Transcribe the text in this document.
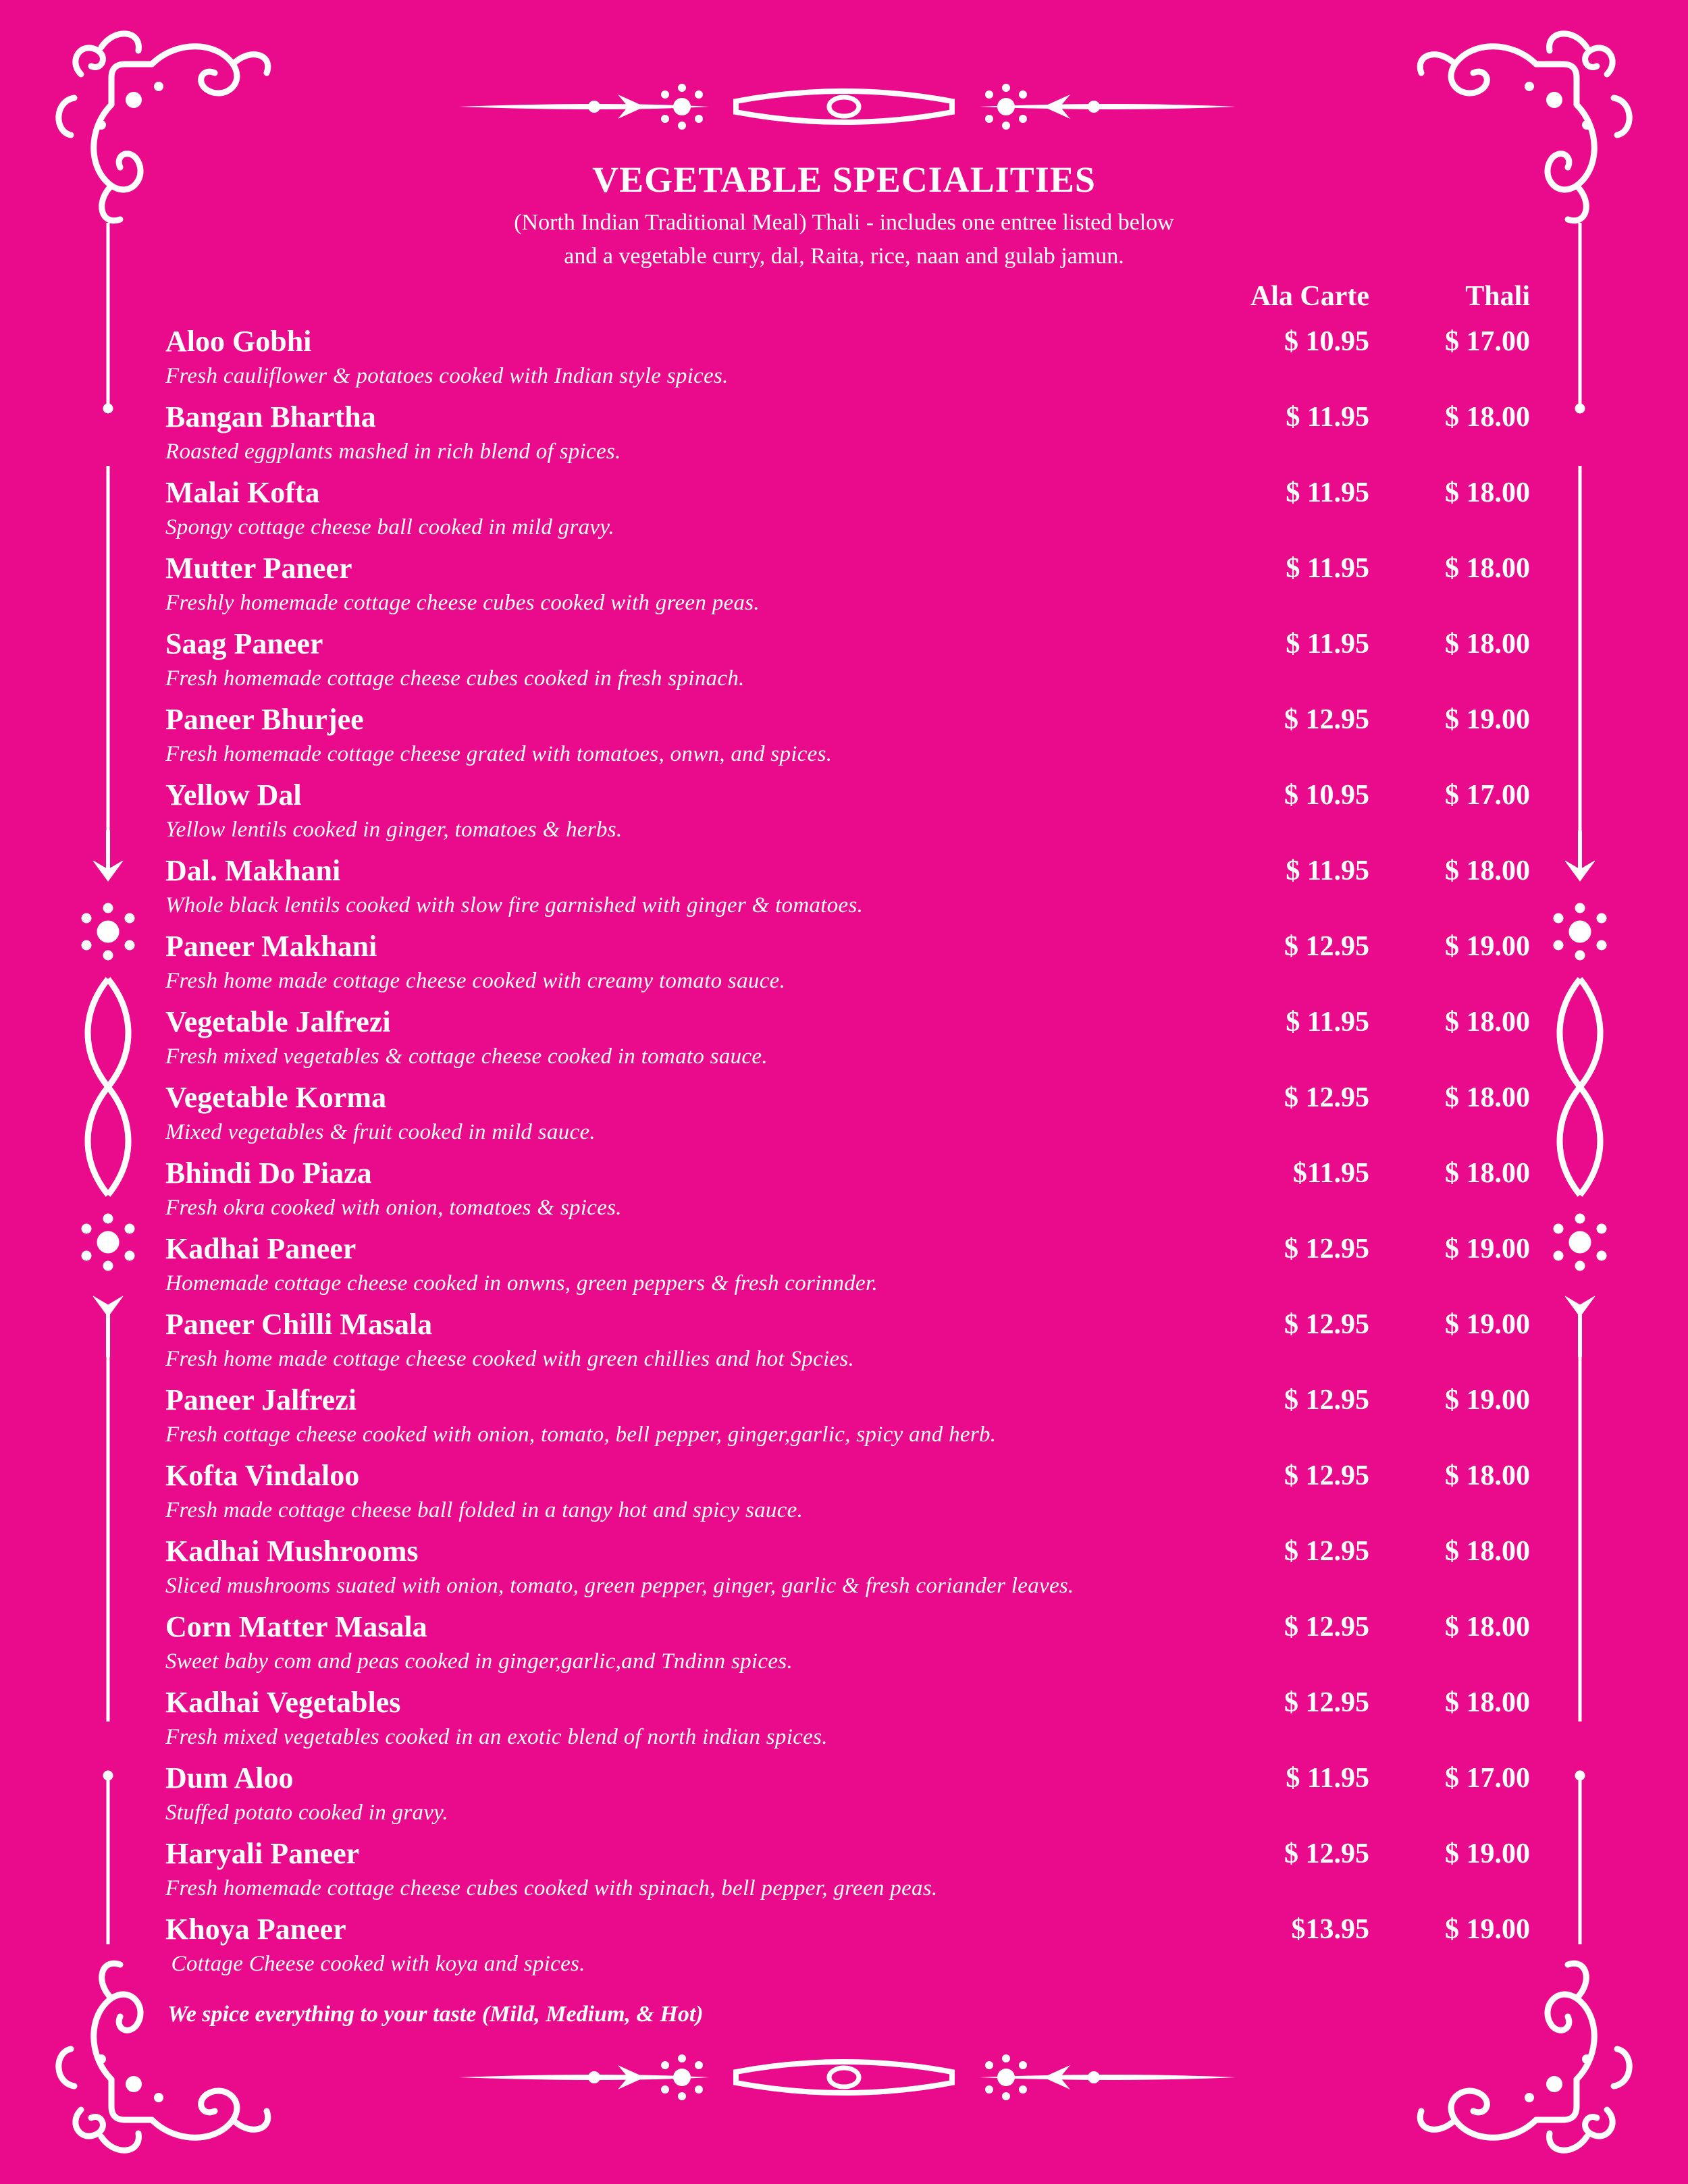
VEGETABLE SPECIALITIES
(North Indian Traditional Meal) Thali - includes one entree listed below
and a vegetable curry, dal, Raita, rice, naan and gulab jamun.
Ala Carte	Thali
Aloo Gobhi
Fresh cauliflower & potatoes cooked with Indian style spices.
$ 10.95	$ 17.00
Bangan Bhartha
Roasted eggplants mashed in rich blend of spices.
$ 11.95	$ 18.00
Malai Kofta
Spongy cottage cheese ball cooked in mild gravy.
$ 11.95	$ 18.00
Mutter Paneer
Freshly homemade cottage cheese cubes cooked with green peas.
$ 11.95	$ 18.00
Saag Paneer
Fresh homemade cottage cheese cubes cooked in fresh spinach.
$ 11.95	$ 18.00
Paneer Bhurjee
Fresh homemade cottage cheese grated with tomatoes, onwn, and spices.
$ 12.95	$ 19.00
Yellow Dal
Yellow lentils cooked in ginger, tomatoes & herbs.
$ 10.95	$ 17.00
Dal. Makhani
Whole black lentils cooked with slow fire garnished with ginger & tomatoes.
$ 11.95	$ 18.00
Paneer Makhani
Fresh home made cottage cheese cooked with creamy tomato sauce.
$ 12.95	$ 19.00
Vegetable Jalfrezi
Fresh mixed vegetables & cottage cheese cooked in tomato sauce.
$ 11.95	$ 18.00
Vegetable Korma
Mixed vegetables & fruit cooked in mild sauce.
$ 12.95	$ 18.00
Bhindi Do Piaza
Fresh okra cooked with onion, tomatoes & spices.
$11.95	$ 18.00
Kadhai Paneer
Homemade cottage cheese cooked in onwns, green peppers & fresh corinnder.
$ 12.95	$ 19.00
Paneer Chilli Masala
Fresh home made cottage cheese cooked with green chillies and hot Spcies.
$ 12.95	$ 19.00
Paneer Jalfrezi
Fresh cottage cheese cooked with onion, tomato, bell pepper, ginger,garlic, spicy and herb.
$ 12.95	$ 19.00
Kofta Vindaloo
Fresh made cottage cheese ball folded in a tangy hot and spicy sauce.
$ 12.95	$ 18.00
Kadhai Mushrooms
Sliced mushrooms suated with onion, tomato, green pepper, ginger, garlic & fresh coriander leaves.
$ 12.95	$ 18.00
Corn Matter Masala
Sweet baby com and peas cooked in ginger,garlic,and Tndinn spices.
$ 12.95	$ 18.00
Kadhai Vegetables
Fresh mixed vegetables cooked in an exotic blend of north indian spices.
$ 12.95	$ 18.00
Dum Aloo
Stuffed potato cooked in gravy.
$ 11.95	$ 17.00
Haryali Paneer
Fresh homemade cottage cheese cubes cooked with spinach, bell pepper, green peas.
$ 12.95	$ 19.00
Khoya Paneer
Cottage Cheese cooked with koya and spices.
$13.95	$ 19.00
We spice everything to your taste (Mild, Medium, & Hot)
